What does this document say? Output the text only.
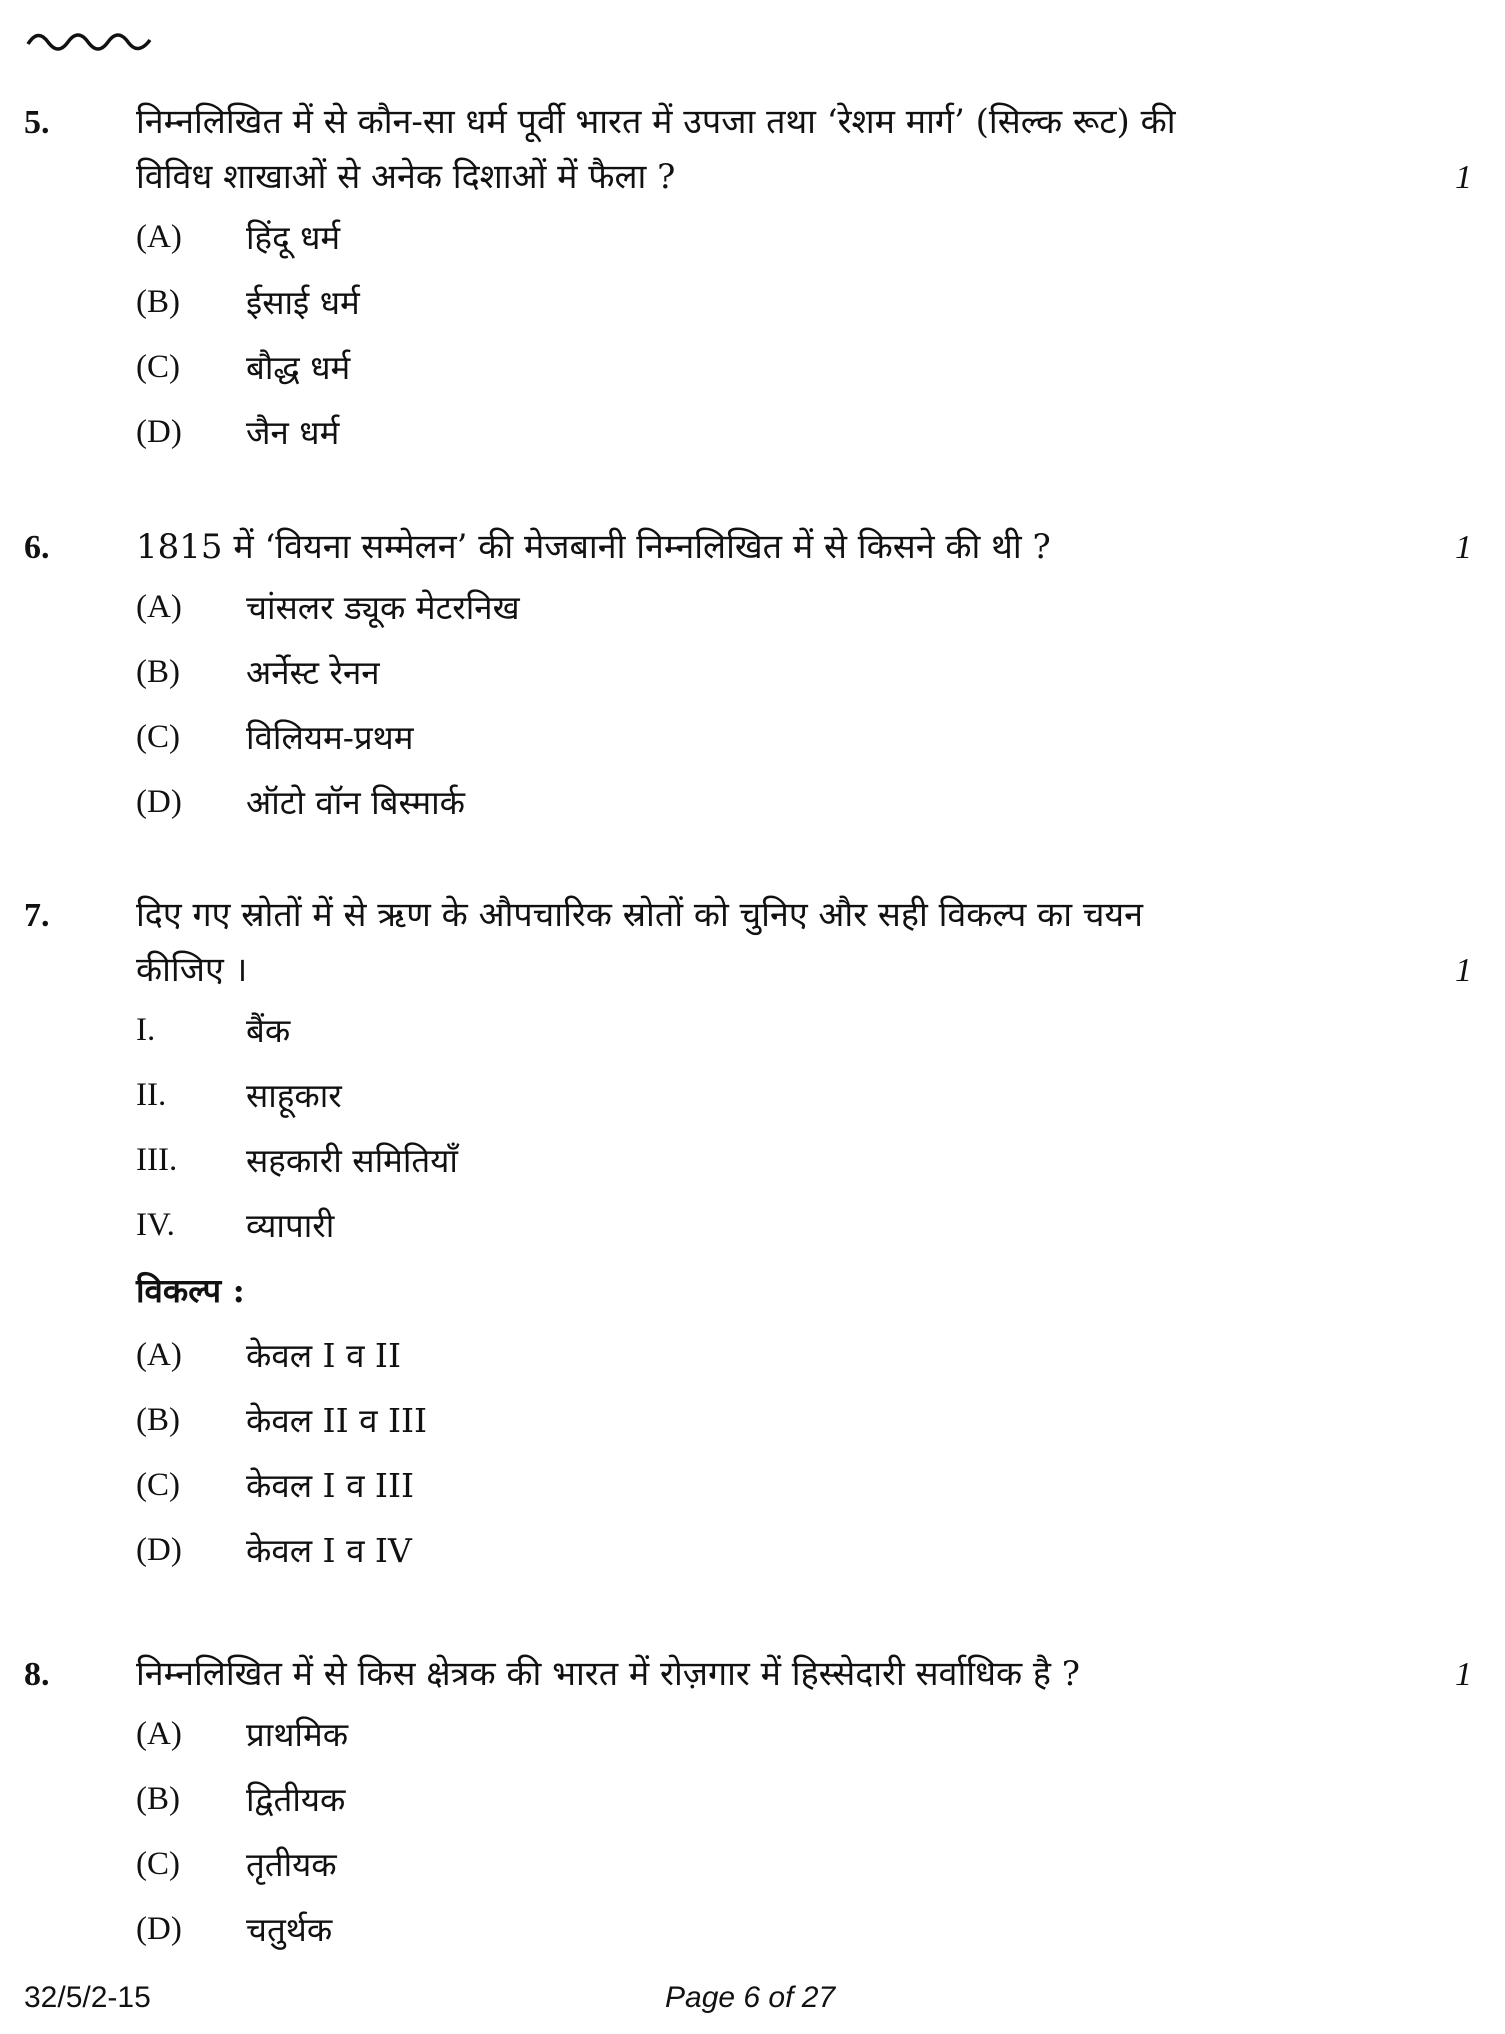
5.	निम्नलिखित में से कौन-सा धर्म पूर्वी भारत में उपजा तथा ‘रेशम मार्ग’ (सिल्क रूट) की
विविध शाखाओं से अनेक दिशाओं में फैला ?	1
(A) हिंदू धर्म
(B) ईसाई धर्म
(C) बौद्ध धर्म
(D) जैन धर्म
6.	1815 में ‘वियना सम्मेलन’ की मेजबानी निम्नलिखित में से किसने की थी ?	1
(A) चांसलर ड्यूक मेटरनिख
(B) अर्नेस्ट रेनन
(C) विलियम-प्रथम
(D) ऑटो वॉन बिस्मार्क
7.	दिए गए स्रोतों में से ऋण के औपचारिक स्रोतों को चुनिए और सही विकल्प का चयन
कीजिए ।	1
I.	बैंक
II. साहूकार
III. सहकारी समितियाँ
IV. व्यापारी
विकल्प :
(A) केवल I व II
(B) केवल II व III
(C) केवल I व III
(D) केवल I व IV
8.	निम्नलिखित में से किस क्षेत्रक की भारत में रोज़गार में हिस्सेदारी सर्वाधिक है ?	1
(A) प्राथमिक
(B) द्वितीयक
(C) तृतीयक
(D) चतुर्थक
32/5/2-15	Page 6 of 27
